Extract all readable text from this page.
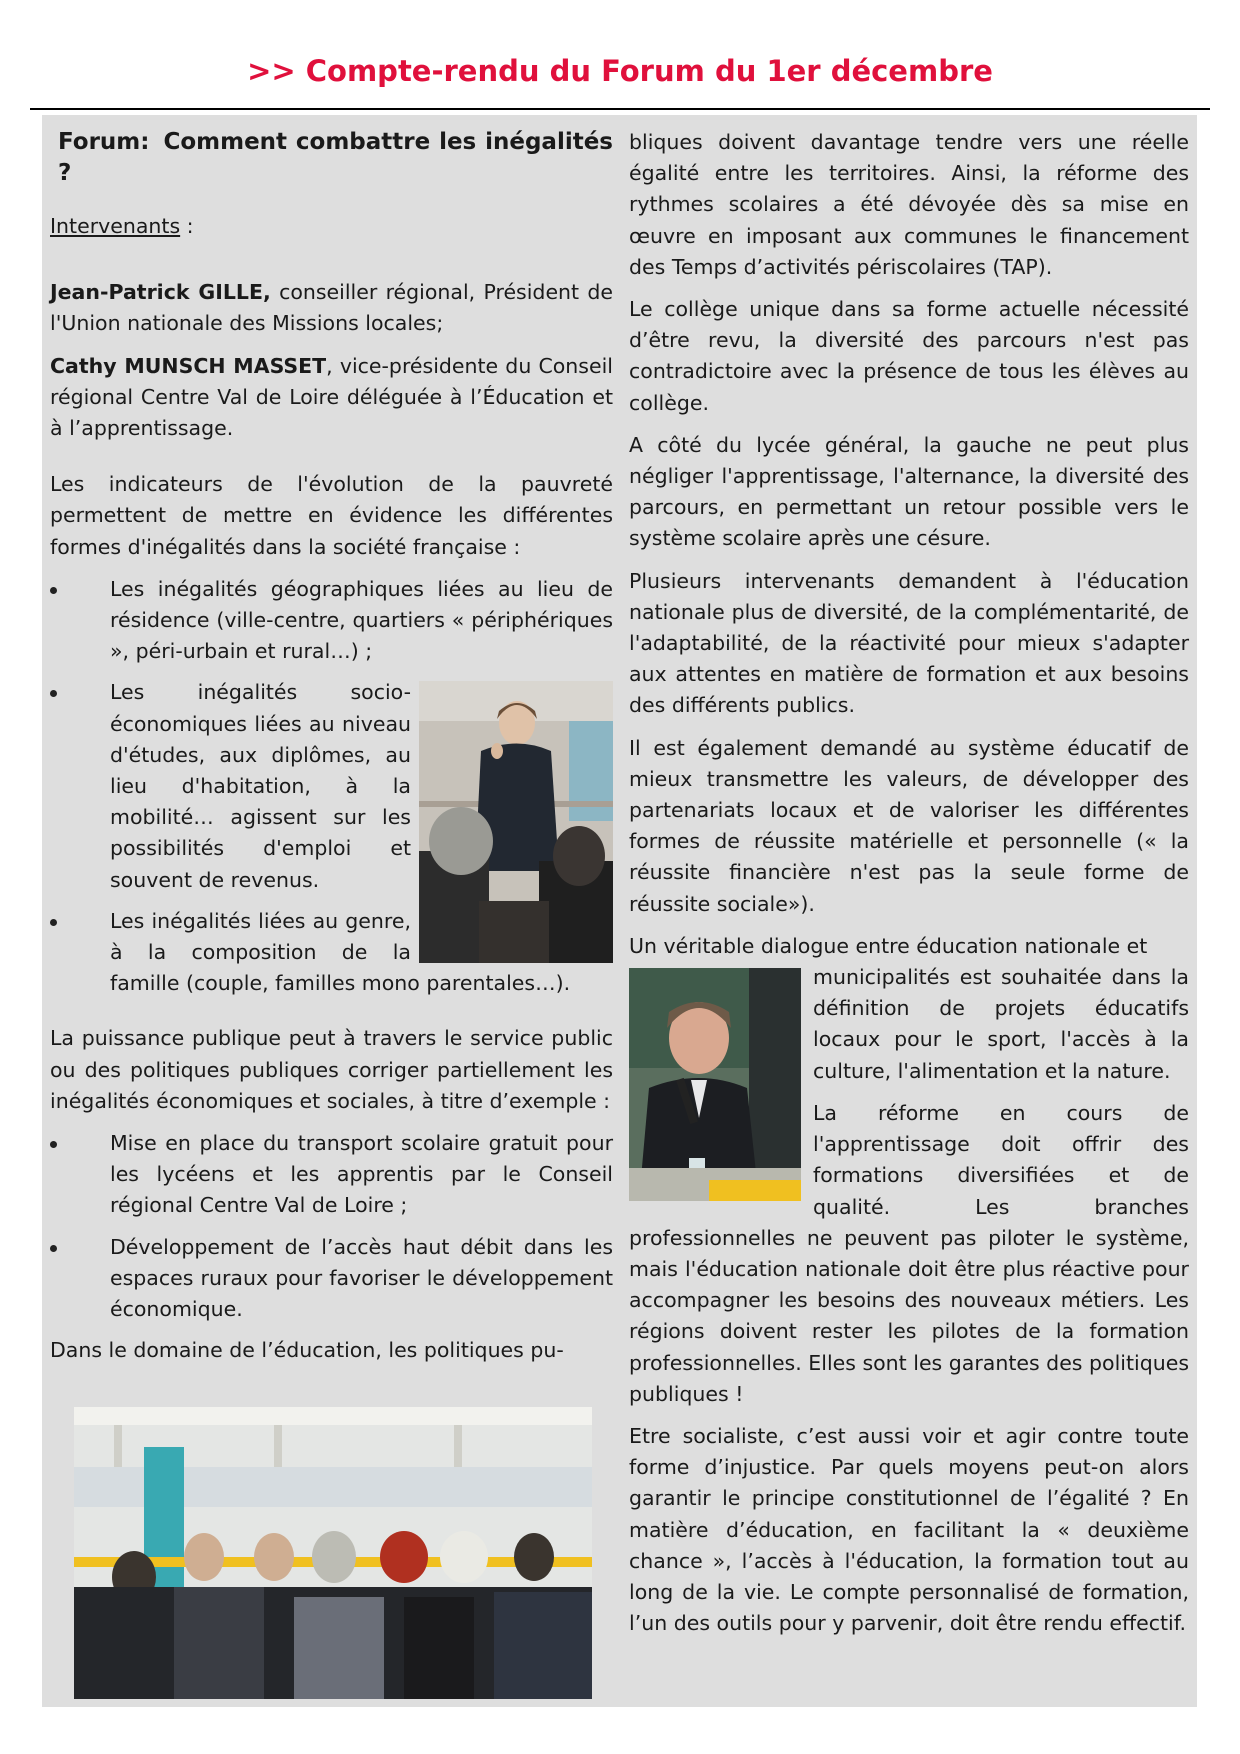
>> Compte-rendu du Forum du 1er décembre

Forum: Comment combattre les inégalités ?

Intervenants :

Jean-Patrick GILLE, conseiller régional, Président de l'Union nationale des Missions locales;

Cathy MUNSCH MASSET, vice-présidente du Conseil régional Centre Val de Loire déléguée à l’Éducation et à l’apprentissage.

Les indicateurs de l'évolution de la pauvreté permettent de mettre en évidence les différentes formes d'inégalités dans la société française :

Les inégalités géographiques liées au lieu de résidence (ville-centre, quartiers « périphériques », péri-urbain et rural…) ;
Les inégalités socio-économiques liées au niveau d'études, aux diplômes, au lieu d'habitation, à la mobilité… agissent sur les possibilités d'emploi et souvent de revenus.
Les inégalités liées au genre, à la composition de la famille (couple, familles mono parentales…).

La puissance publique peut à travers le service public ou des politiques publiques corriger partiellement les inégalités économiques et sociales, à titre d’exemple :

Mise en place du transport scolaire gratuit pour les lycéens et les apprentis par le Conseil régional Centre Val de Loire ;
Développement de l’accès haut débit dans les espaces ruraux pour favoriser le développement économique.

Dans le domaine de l’éducation, les politiques pu-

bliques doivent davantage tendre vers une réelle égalité entre les territoires. Ainsi, la réforme des rythmes scolaires a été dévoyée dès sa mise en œuvre en imposant aux communes le financement des Temps d’activités périscolaires (TAP).

Le collège unique dans sa forme actuelle nécessité d’être revu, la diversité des parcours n'est pas contradictoire avec la présence de tous les élèves au collège.

A côté du lycée général, la gauche ne peut plus négliger l'apprentissage, l'alternance, la diversité des parcours, en permettant un retour possible vers le système scolaire après une césure.

Plusieurs intervenants demandent à l'éducation nationale plus de diversité, de la complémentarité, de l'adaptabilité, de la réactivité pour mieux s'adapter aux attentes en matière de formation et aux besoins des différents publics.

Il est également demandé au système éducatif de mieux transmettre les valeurs, de développer des partenariats locaux et de valoriser les différentes formes de réussite matérielle et personnelle (« la réussite financière n'est pas la seule forme de réussite sociale»).

Un véritable dialogue entre éducation nationale et

municipalités est souhaitée dans la définition de projets éducatifs locaux pour le sport, l'accès à la culture, l'alimentation et la nature.

La réforme en cours de l'apprentissage doit offrir des formations diversifiées et de qualité. Les branches professionnelles ne peuvent pas piloter le système, mais l'éducation nationale doit être plus réactive pour accompagner les besoins des nouveaux métiers. Les régions doivent rester les pilotes de la formation professionnelles. Elles sont les garantes des politiques publiques !

Etre socialiste, c’est aussi voir et agir contre toute forme d’injustice. Par quels moyens peut-on alors garantir le principe constitutionnel de l’égalité ? En matière d’éducation, en facilitant la « deuxième chance », l’accès à l'éducation, la formation tout au long de la vie. Le compte personnalisé de formation, l’un des outils pour y parvenir, doit être rendu effectif.
